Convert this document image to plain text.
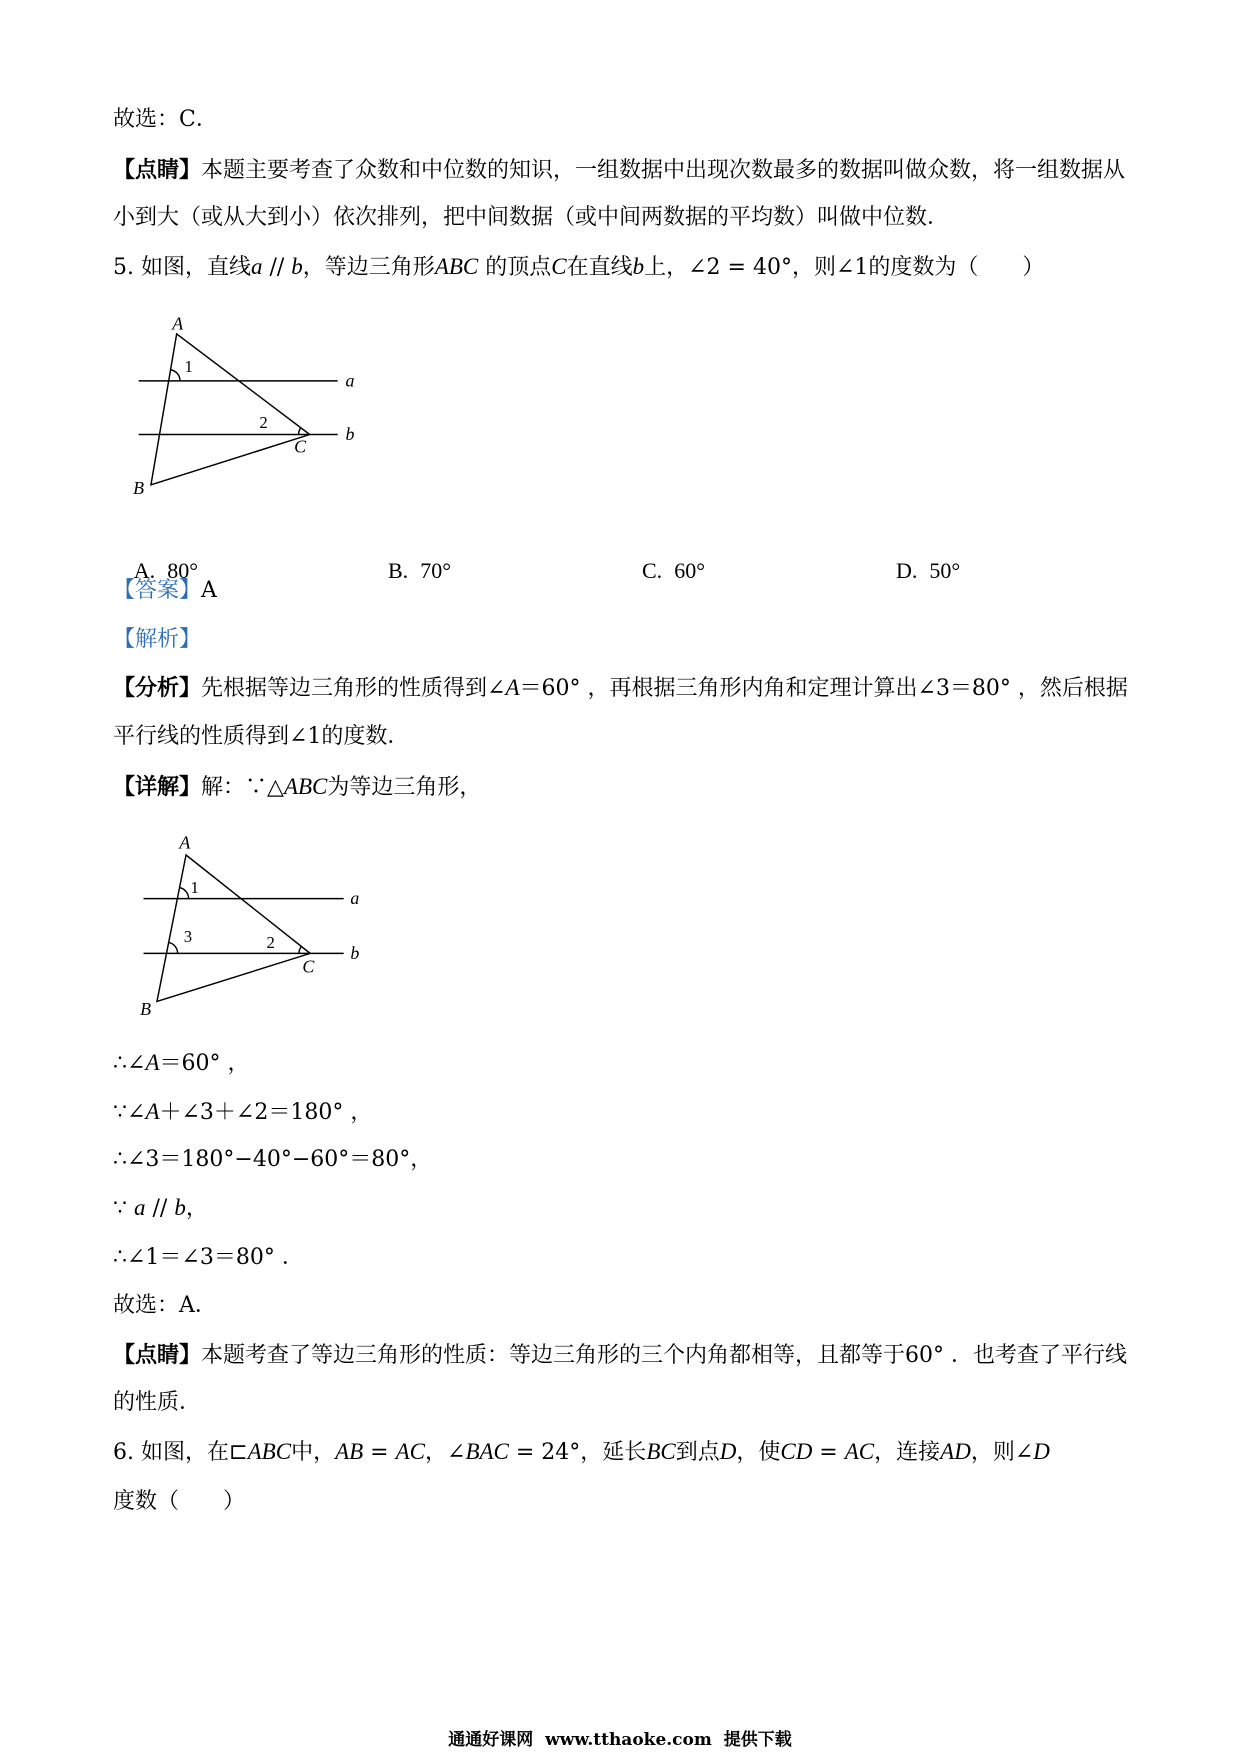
故选：C．
【点睛】本题主要考查了众数和中位数的知识，一组数据中出现次数最多的数据叫做众数，将一组数据从
小到大（或从大到小）依次排列，把中间数据（或中间两数据的平均数）叫做中位数．
5. 如图，直线a // b，等边三角形ABC 的顶点C在直线b上，∠2 = 40°，则∠1的度数为（　　）
A
B
C
a
b
1
2

A. 80°
	B. 70°
	C. 60°
	D. 50°

【答案】A
【解析】
【分析】先根据等边三角形的性质得到∠A＝60° ，再根据三角形内角和定理计算出∠3＝80° ，然后根据
平行线的性质得到∠1的度数．
【详解】解：∵△ABC为等边三角形，
A
B
C
a
b
1
3	2
∴∠A＝60° ，
∵∠A＋∠3＋∠2＝180° ，
∴∠3＝180°−40°−60°＝80°，
∵ a // b，
∴∠1＝∠3＝80° ．
故选：A．
【点睛】本题考查了等边三角形的性质：等边三角形的三个内角都相等，且都等于60° ．也考查了平行线
的性质．
6. 如图，在⊏ABC中，AB = AC，∠BAC = 24°，延长BC到点D，使CD = AC，连接AD，则∠D
度数（　　）
通通好课网  www.tthaoke.com  提供下载
